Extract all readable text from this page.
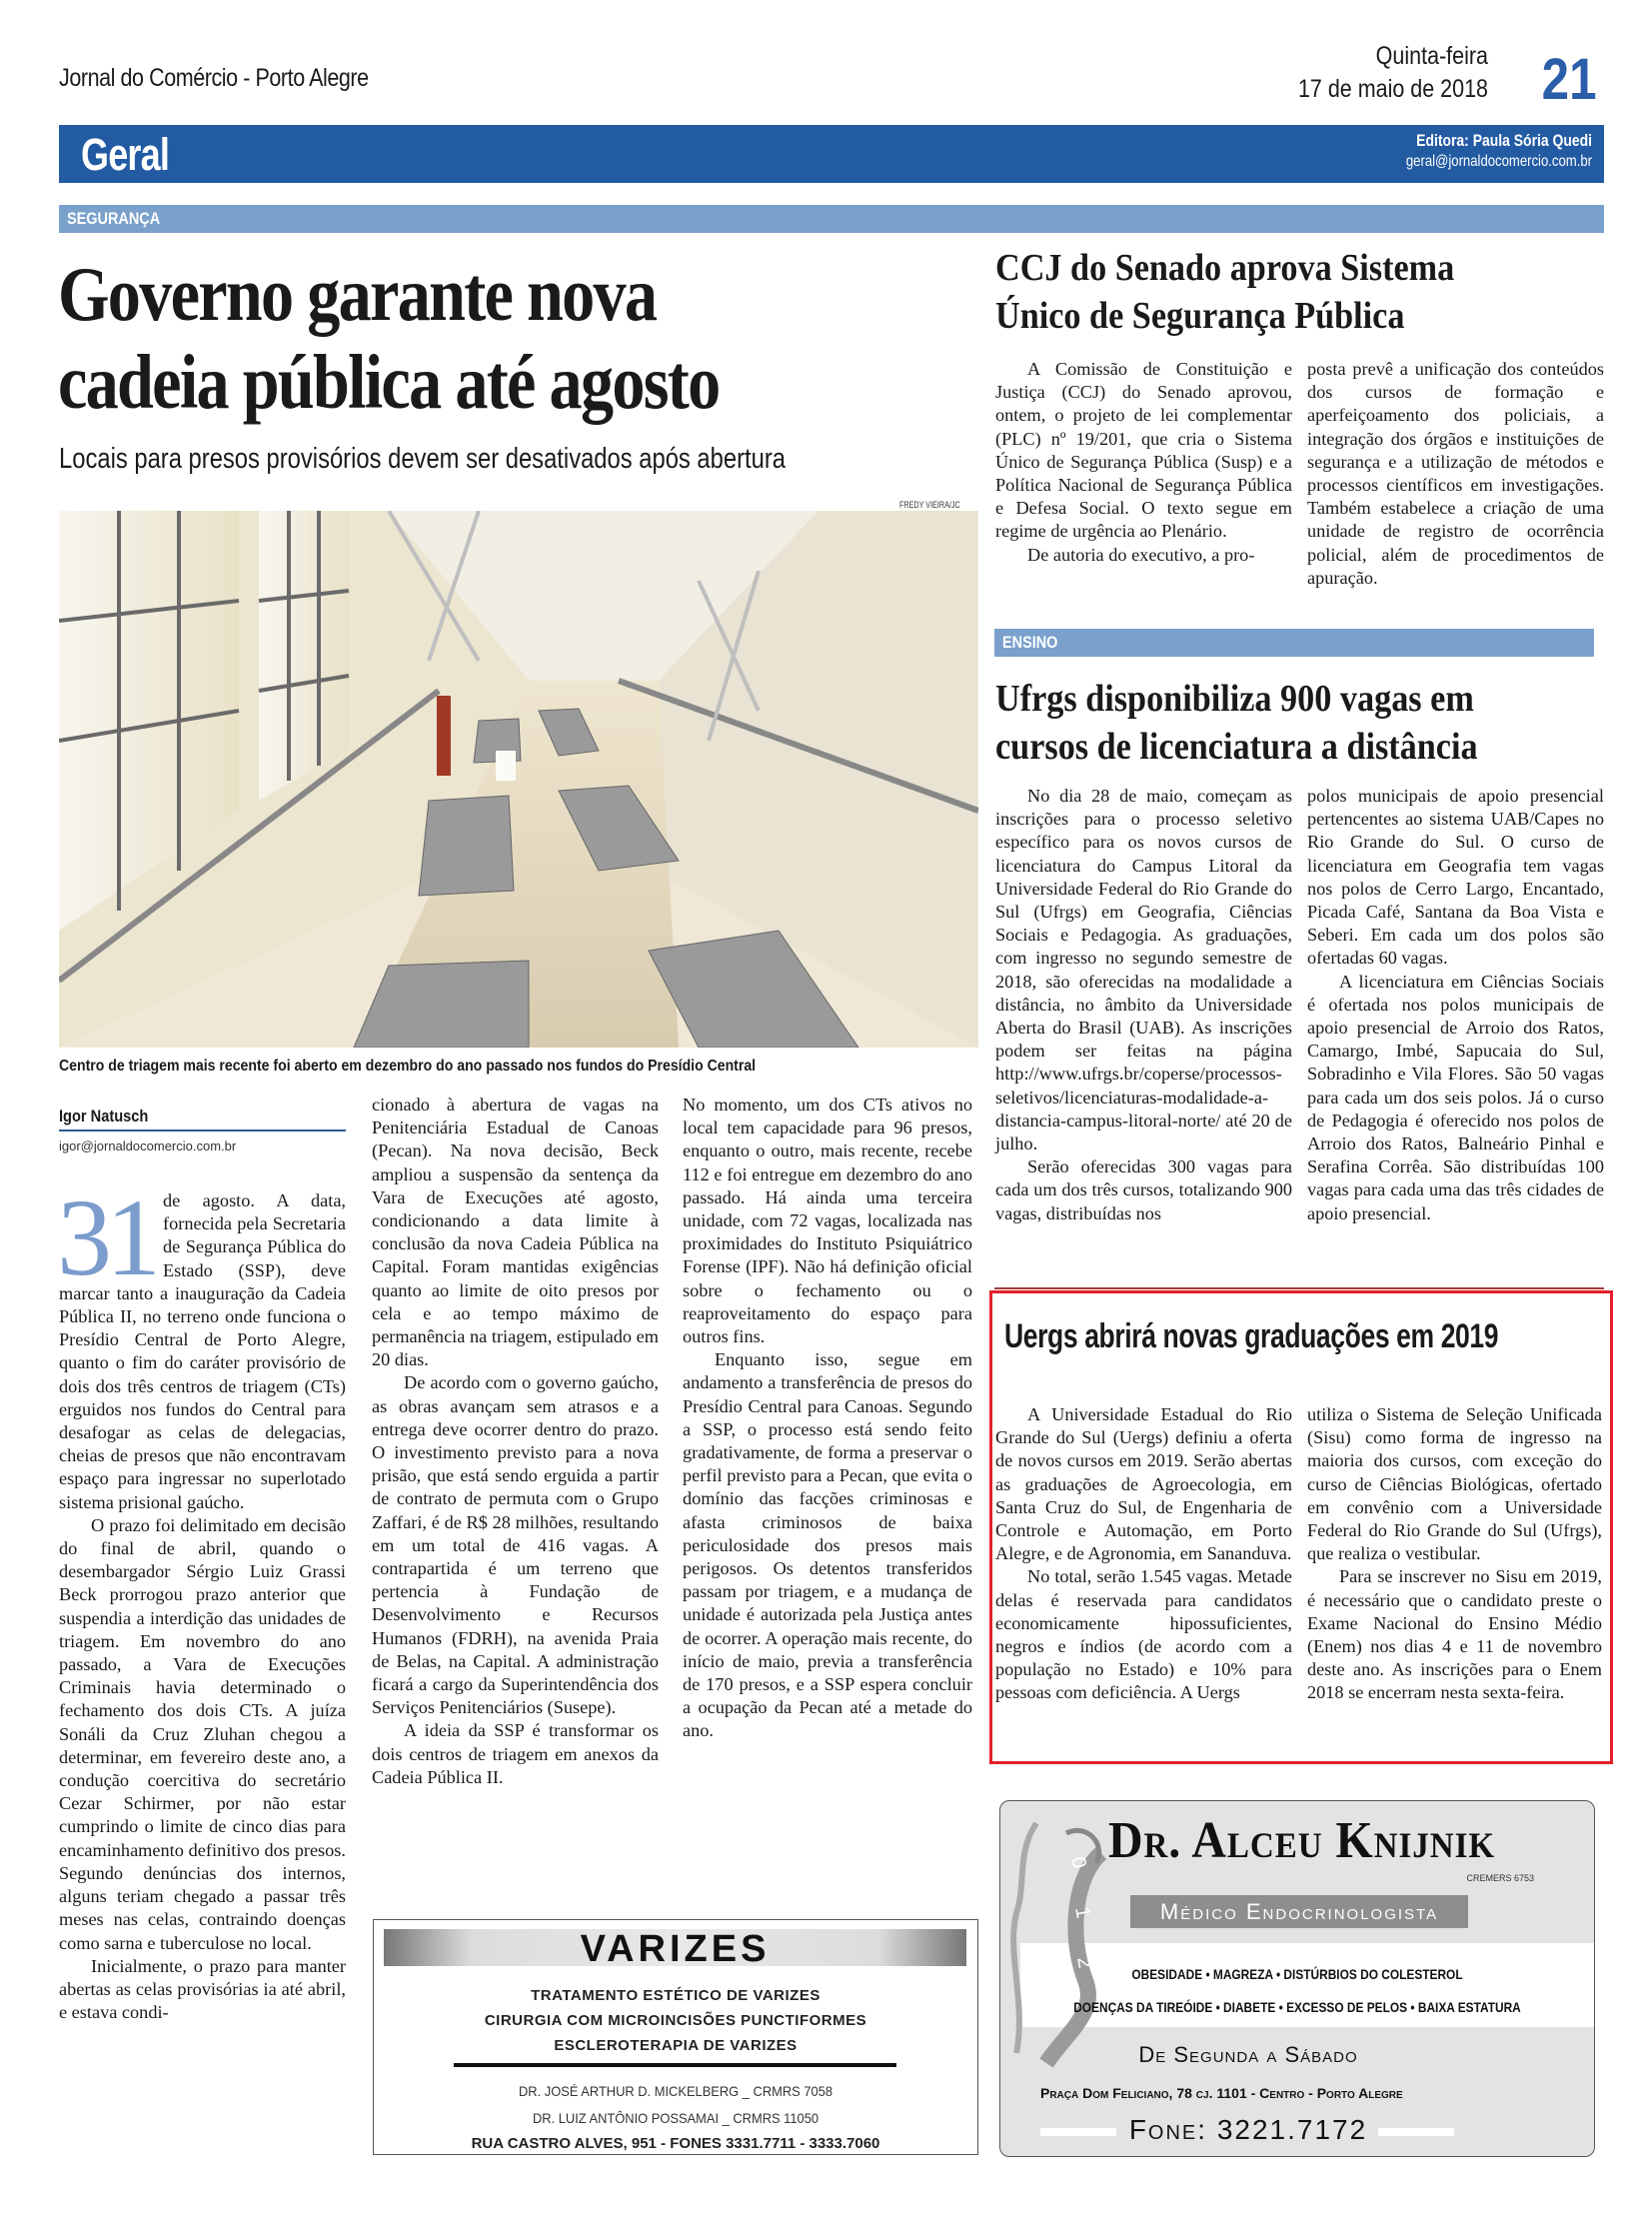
Jornal do Comércio - Porto Alegre
Quinta-feira
17 de maio de 2018 21
Geral	Editora: Paula Sória Quedi
geral@jornaldocomercio.com.br
SEGURANÇA
Governo garante nova
cadeia pública até agosto
Locais para presos provisórios devem ser desativados após abertura
FREDY VIEIRA/JC
Centro de triagem mais recente foi aberto em dezembro do ano passado nos fundos do Presídio Central
Igor Natusch
igor@jornaldocomercio.com.br
31 de agosto. A data, fornecida pela Secretaria de Segurança Pública do Estado (SSP), deve marcar tanto a inauguração da Cadeia Pública II, no terreno onde funciona o Presídio Central de Porto Alegre, quanto o fim do caráter provisório de dois dos três centros de triagem (CTs) erguidos nos fundos do Central para desafogar as celas de delegacias, cheias de presos que não encontravam espaço para ingressar no superlotado sistema prisional gaúcho.

O prazo foi delimitado em decisão do final de abril, quando o desembargador Sérgio Luiz Grassi Beck prorrogou prazo anterior que suspendia a interdição das unidades de triagem. Em novembro do ano passado, a Vara de Execuções Criminais havia determinado o fechamento dos dois CTs. A juíza Sonáli da Cruz Zluhan chegou a determinar, em fevereiro deste ano, a condução coercitiva do secretário Cezar Schirmer, por não estar cumprindo o limite de cinco dias para encaminhamento definitivo dos presos. Segundo denúncias dos internos, alguns teriam chegado a passar três meses nas celas, contraindo doenças como sarna e tuberculose no local.

Inicialmente, o prazo para manter abertas as celas provisórias ia até abril, e estava condi-

cionado à abertura de vagas na Penitenciária Estadual de Canoas (Pecan). Na nova decisão, Beck ampliou a suspensão da sentença da Vara de Execuções até agosto, condicionando a data limite à conclusão da nova Cadeia Pública na Capital. Foram mantidas exigências quanto ao limite de oito presos por cela e ao tempo máximo de permanência na triagem, estipulado em 20 dias.

De acordo com o governo gaúcho, as obras avançam sem atrasos e a entrega deve ocorrer dentro do prazo. O investimento previsto para a nova prisão, que está sendo erguida a partir de contrato de permuta com o Grupo Zaffari, é de R$ 28 milhões, resultando em um total de 416 vagas. A contrapartida é um terreno que pertencia à Fundação de Desenvolvimento e Recursos Humanos (FDRH), na avenida Praia de Belas, na Capital. A administração ficará a cargo da Superintendência dos Serviços Penitenciários (Susepe).

A ideia da SSP é transformar os dois centros de triagem em anexos da Cadeia Pública II.

No momento, um dos CTs ativos no local tem capacidade para 96 presos, enquanto o outro, mais recente, recebe 112 e foi entregue em dezembro do ano passado. Há ainda uma terceira unidade, com 72 vagas, localizada nas proximidades do Instituto Psiquiátrico Forense (IPF). Não há definição oficial sobre o fechamento ou o reaproveitamento do espaço para outros fins.

Enquanto isso, segue em andamento a transferência de presos do Presídio Central para Canoas. Segundo a SSP, o processo está sendo feito gradativamente, de forma a preservar o perfil previsto para a Pecan, que evita o domínio das facções criminosas e afasta criminosos de baixa periculosidade dos presos mais perigosos. Os detentos transferidos passam por triagem, e a mudança de unidade é autorizada pela Justiça antes de ocorrer. A operação mais recente, do início de maio, previa a transferência de 170 presos, e a SSP espera concluir a ocupação da Pecan até a metade do ano.

CCJ do Senado aprova Sistema
Único de Segurança Pública

A Comissão de Constituição e Justiça (CCJ) do Senado aprovou, ontem, o projeto de lei complementar (PLC) nº 19/201, que cria o Sistema Único de Segurança Pública (Susp) e a Política Nacional de Segurança Pública e Defesa Social. O texto segue em regime de urgência ao Plenário.

De autoria do executivo, a pro-

posta prevê a unificação dos conteúdos dos cursos de formação e aperfeiçoamento dos policiais, a integração dos órgãos e instituições de segurança e a utilização de métodos e processos científicos em investigações. Também estabelece a criação de uma unidade de registro de ocorrência policial, além de procedimentos de apuração.

ENSINO
Ufrgs disponibiliza 900 vagas em
cursos de licenciatura a distância

No dia 28 de maio, começam as inscrições para o processo seletivo específico para os novos cursos de licenciatura do Campus Litoral da Universidade Federal do Rio Grande do Sul (Ufrgs) em Geografia, Ciências Sociais e Pedagogia. As graduações, com ingresso no segundo semestre de 2018, são oferecidas na modalidade a distância, no âmbito da Universidade Aberta do Brasil (UAB). As inscrições podem ser feitas na página http://www.ufrgs.br/coperse/processos-seletivos/licenciaturas-modalidade-a-distancia-campus-litoral-norte/ até 20 de julho.

Serão oferecidas 300 vagas para cada um dos três cursos, totalizando 900 vagas, distribuídas nos

polos municipais de apoio presencial pertencentes ao sistema UAB/Capes no Rio Grande do Sul. O curso de licenciatura em Geografia tem vagas nos polos de Cerro Largo, Encantado, Picada Café, Santana da Boa Vista e Seberi. Em cada um dos polos são ofertadas 60 vagas.

A licenciatura em Ciências Sociais é ofertada nos polos municipais de apoio presencial de Arroio dos Ratos, Camargo, Imbé, Sapucaia do Sul, Sobradinho e Vila Flores. São 50 vagas para cada um dos seis polos. Já o curso de Pedagogia é oferecido nos polos de Arroio dos Ratos, Balneário Pinhal e Serafina Corrêa. São distribuídas 100 vagas para cada uma das três cidades de apoio presencial.

Uergs abrirá novas graduações em 2019

A Universidade Estadual do Rio Grande do Sul (Uergs) definiu a oferta de novos cursos em 2019. Serão abertas as graduações de Agroecologia, em Santa Cruz do Sul, de Engenharia de Controle e Automação, em Porto Alegre, e de Agronomia, em Sananduva.

No total, serão 1.545 vagas. Metade delas é reservada para candidatos economicamente hipossuficientes, negros e índios (de acordo com a população no Estado) e 10% para pessoas com deficiência. A Uergs

utiliza o Sistema de Seleção Unificada (Sisu) como forma de ingresso na maioria dos cursos, com exceção do curso de Ciências Biológicas, ofertado em convênio com a Universidade Federal do Rio Grande do Sul (Ufrgs), que realiza o vestibular.

Para se inscrever no Sisu em 2019, é necessário que o candidato preste o Exame Nacional do Ensino Médio (Enem) nos dias 4 e 11 de novembro deste ano. As inscrições para o Enem 2018 se encerram nesta sexta-feira.

VARIZES
TRATAMENTO ESTÉTICO DE VARIZES
CIRURGIA COM MICROINCISÕES PUNCTIFORMES
ESCLEROTERAPIA DE VARIZES
DR. JOSÉ ARTHUR D. MICKELBERG _ CRMRS 7058
DR. LUIZ ANTÔNIO POSSAMAI _ CRMRS 11050
RUA CASTRO ALVES, 951 - FONES 3331.7711 - 3333.7060
0
1
2
Dr. Alceu Knijnik
CREMERS 6753
Médico Endocrinologista
OBESIDADE • MAGREZA • DISTÚRBIOS DO COLESTEROL
DOENÇAS DA TIREÓIDE • DIABETE • EXCESSO DE PELOS • BAIXA ESTATURA
De Segunda a Sábado
Praça Dom Feliciano, 78 cj. 1101 - Centro - Porto Alegre
Fone: 3221.7172
